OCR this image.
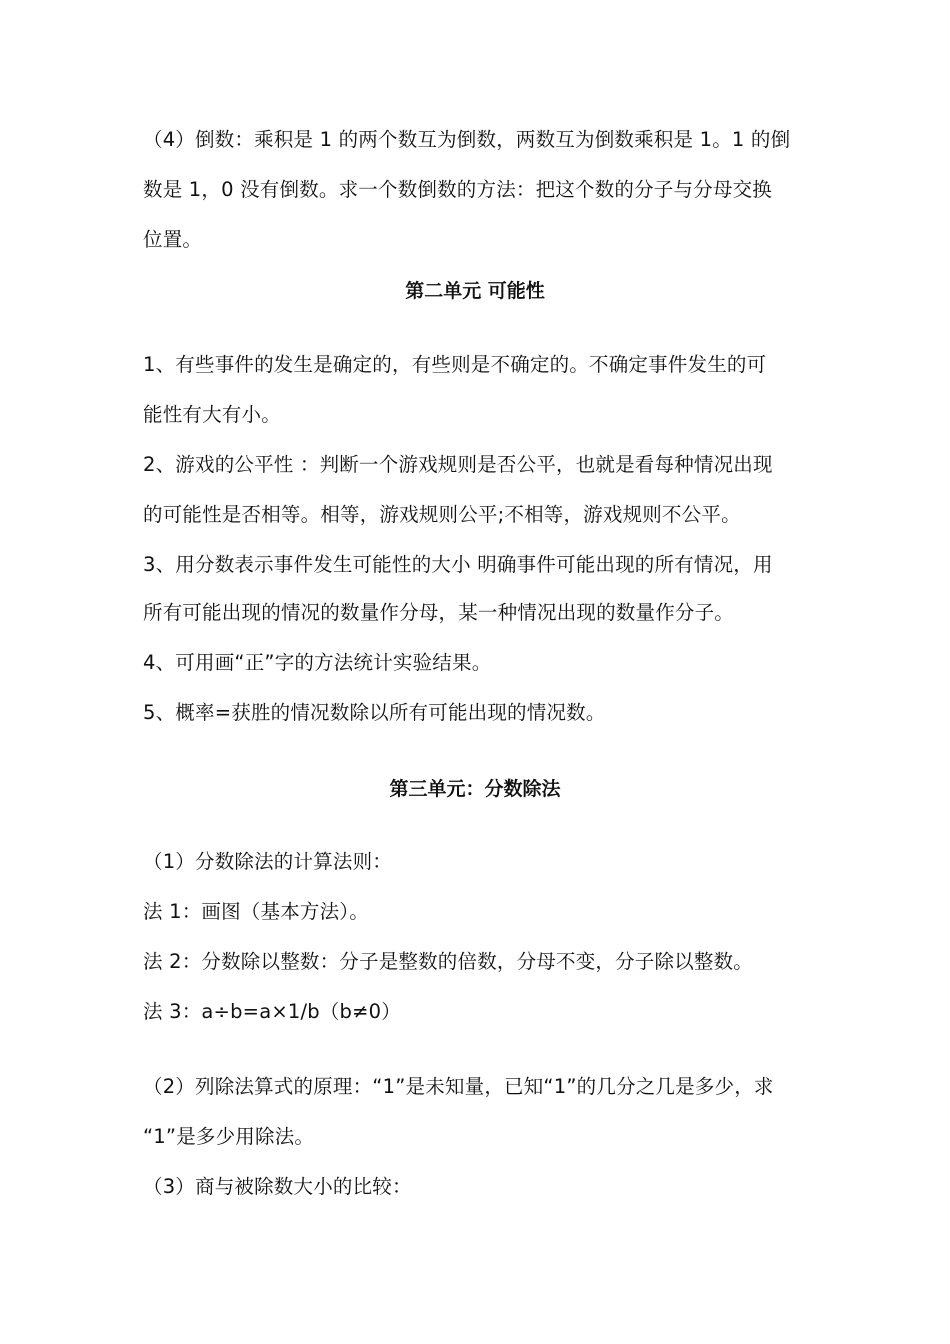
（4）倒数：乘积是 1 的两个数互为倒数，两数互为倒数乘积是 1。1 的倒
数是 1，0 没有倒数。求一个数倒数的方法：把这个数的分子与分母交换
位置。
第二单元 可能性
1、有些事件的发生是确定的，有些则是不确定的。不确定事件发生的可
能性有大有小。
2、游戏的公平性 ：判断一个游戏规则是否公平，也就是看每种情况出现
的可能性是否相等。相等，游戏规则公平;不相等，游戏规则不公平。
3、用分数表示事件发生可能性的大小 明确事件可能出现的所有情况，用
所有可能出现的情况的数量作分母，某一种情况出现的数量作分子。
4、可用画“正”字的方法统计实验结果。
5、概率=获胜的情况数除以所有可能出现的情况数。
第三单元：分数除法
（1）分数除法的计算法则：
法 1：画图（基本方法）。
法 2：分数除以整数：分子是整数的倍数，分母不变，分子除以整数。
法 3：a÷b=a×1/b（b≠0）
（2）列除法算式的原理：“1”是未知量，已知“1”的几分之几是多少，求
“1”是多少用除法。
（3）商与被除数大小的比较：
